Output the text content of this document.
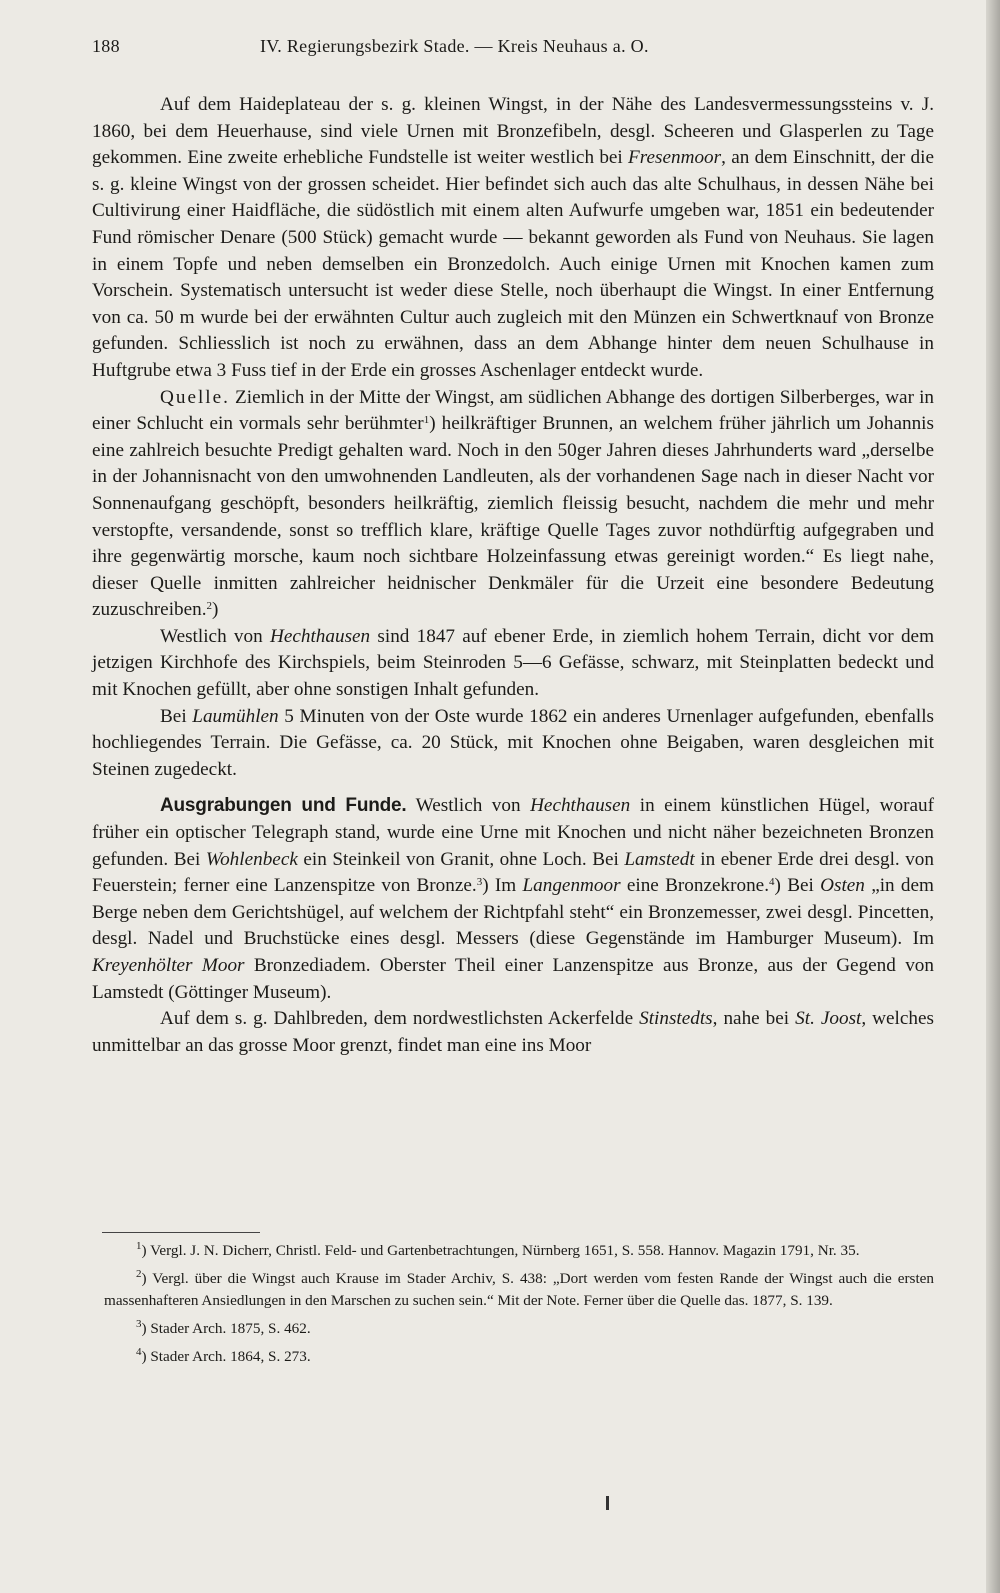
188	IV. Regierungsbezirk Stade. — Kreis Neuhaus a. O.

Auf dem Haideplateau der s. g. kleinen Wingst, in der Nähe des Landesvermessungssteins v. J. 1860, bei dem Heuerhause, sind viele Urnen mit Bronzefibeln, desgl. Scheeren und Glasperlen zu Tage gekommen. Eine zweite erhebliche Fundstelle ist weiter westlich bei Fresenmoor, an dem Einschnitt, der die s. g. kleine Wingst von der grossen scheidet. Hier befindet sich auch das alte Schulhaus, in dessen Nähe bei Cultivirung einer Haidfläche, die südöstlich mit einem alten Aufwurfe umgeben war, 1851 ein bedeutender Fund römischer Denare (500 Stück) gemacht wurde — bekannt geworden als Fund von Neuhaus. Sie lagen in einem Topfe und neben demselben ein Bronzedolch. Auch einige Urnen mit Knochen kamen zum Vorschein. Systematisch untersucht ist weder diese Stelle, noch überhaupt die Wingst. In einer Entfernung von ca. 50 m wurde bei der erwähnten Cultur auch zugleich mit den Münzen ein Schwertknauf von Bronze gefunden. Schliesslich ist noch zu erwähnen, dass an dem Abhange hinter dem neuen Schulhause in Huftgrube etwa 3 Fuss tief in der Erde ein grosses Aschenlager entdeckt wurde.

Quelle. Ziemlich in der Mitte der Wingst, am südlichen Abhange des dortigen Silberberges, war in einer Schlucht ein vormals sehr berühmter$^1$) heilkräftiger Brunnen, an welchem früher jährlich um Johannis eine zahlreich besuchte Predigt gehalten ward. Noch in den 50ger Jahren dieses Jahrhunderts ward „derselbe in der Johannisnacht von den umwohnenden Landleuten, als der vorhandenen Sage nach in dieser Nacht vor Sonnenaufgang geschöpft, besonders heilkräftig, ziemlich fleissig besucht, nachdem die mehr und mehr verstopfte, versandende, sonst so trefflich klare, kräftige Quelle Tages zuvor nothdürftig aufgegraben und ihre gegenwärtig morsche, kaum noch sichtbare Holzeinfassung etwas gereinigt worden.“ Es liegt nahe, dieser Quelle inmitten zahlreicher heidnischer Denkmäler für die Urzeit eine besondere Bedeutung zuzuschreiben.$^2$)

Westlich von Hechthausen sind 1847 auf ebener Erde, in ziemlich hohem Terrain, dicht vor dem jetzigen Kirchhofe des Kirchspiels, beim Steinroden 5—6 Gefässe, schwarz, mit Steinplatten bedeckt und mit Knochen gefüllt, aber ohne sonstigen Inhalt gefunden.

Bei Laumühlen 5 Minuten von der Oste wurde 1862 ein anderes Urnenlager aufgefunden, ebenfalls hochliegendes Terrain. Die Gefässe, ca. 20 Stück, mit Knochen ohne Beigaben, waren desgleichen mit Steinen zugedeckt.

Ausgrabungen und Funde. Westlich von Hechthausen in einem künstlichen Hügel, worauf früher ein optischer Telegraph stand, wurde eine Urne mit Knochen und nicht näher bezeichneten Bronzen gefunden. Bei Wohlenbeck ein Steinkeil von Granit, ohne Loch. Bei Lamstedt in ebener Erde drei desgl. von Feuerstein; ferner eine Lanzenspitze von Bronze.$^3$) Im Langenmoor eine Bronzekrone.$^4$) Bei Osten „in dem Berge neben dem Gerichtshügel, auf welchem der Richtpfahl steht“ ein Bronzemesser, zwei desgl. Pincetten, desgl. Nadel und Bruchstücke eines desgl. Messers (diese Gegenstände im Hamburger Museum). Im Kreyenhölter Moor Bronzediadem. Oberster Theil einer Lanzenspitze aus Bronze, aus der Gegend von Lamstedt (Göttinger Museum).

Auf dem s. g. Dahlbreden, dem nordwestlichsten Ackerfelde Stinstedts, nahe bei St. Joost, welches unmittelbar an das grosse Moor grenzt, findet man eine ins Moor

$^1$) Vergl. J. N. Dicherr, Christl. Feld- und Gartenbetrachtungen, Nürnberg 1651, S. 558. Hannov. Magazin 1791, Nr. 35.

$^2$) Vergl. über die Wingst auch Krause im Stader Archiv, S. 438: „Dort werden vom festen Rande der Wingst auch die ersten massenhafteren Ansiedlungen in den Marschen zu suchen sein.“ Mit der Note. Ferner über die Quelle das. 1877, S. 139.

$^3$) Stader Arch. 1875, S. 462.

$^4$) Stader Arch. 1864, S. 273.
